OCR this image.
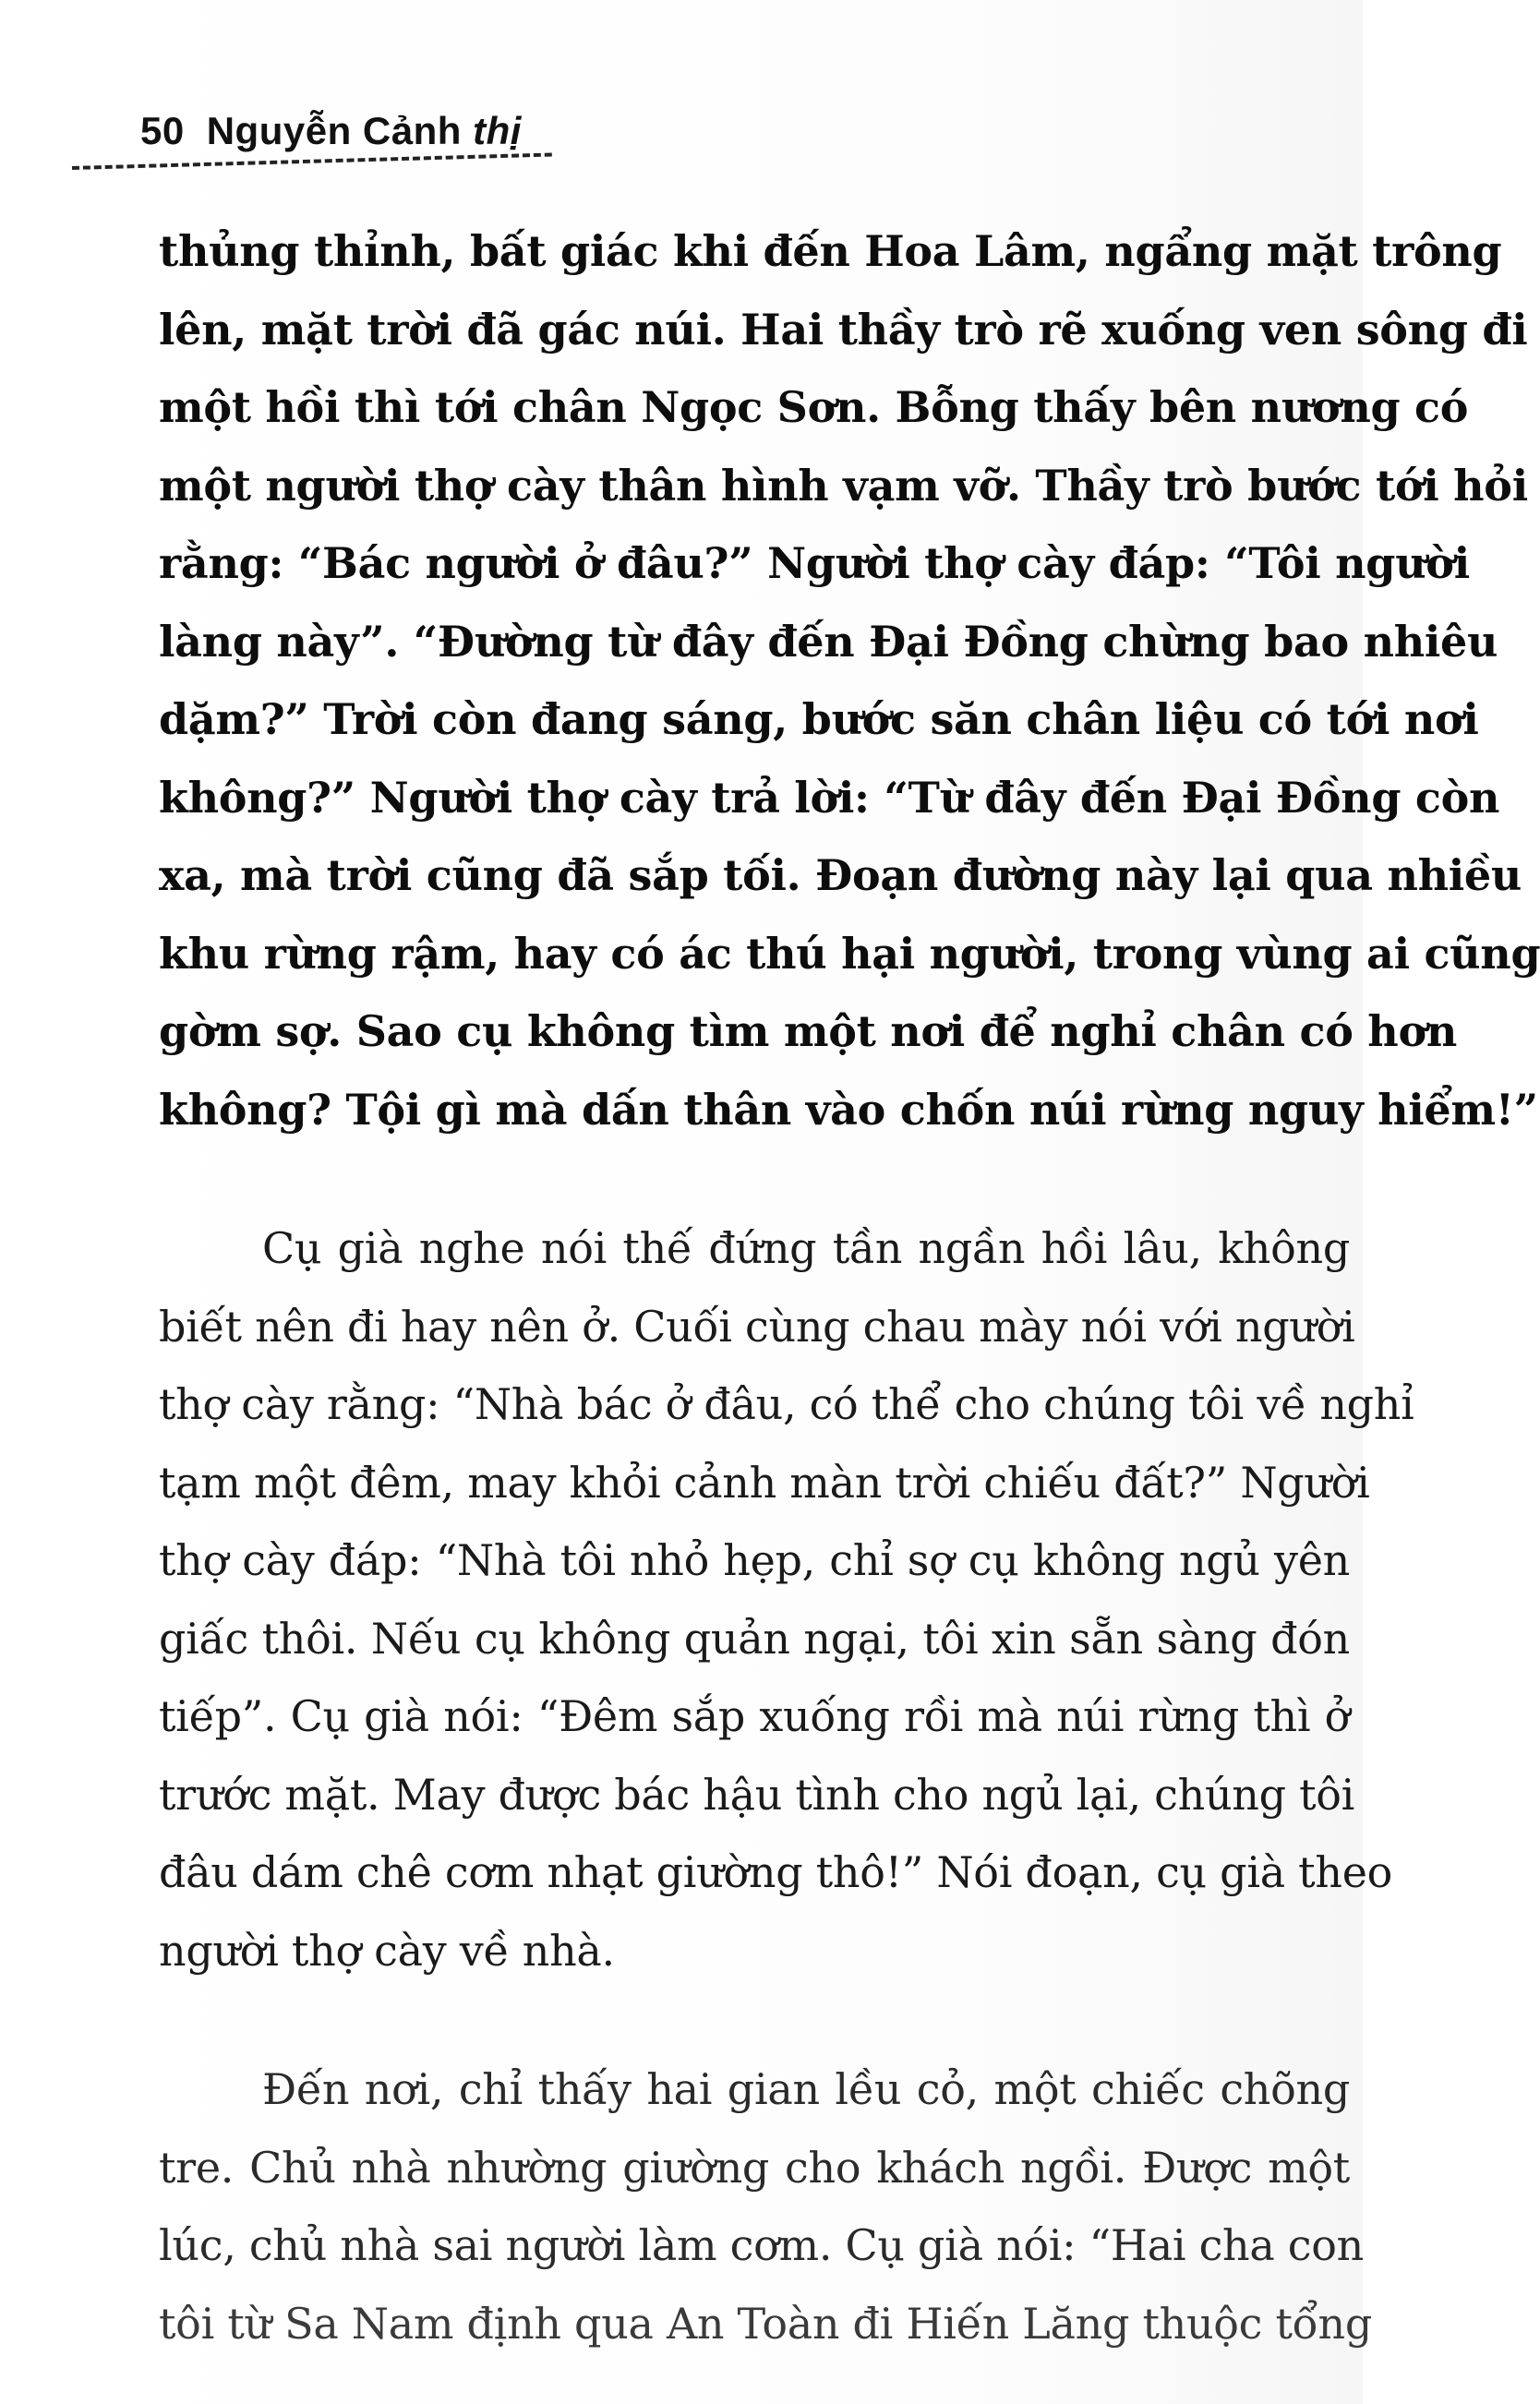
50 Nguyễn Cảnh thị
thủng thỉnh, bất giác khi đến Hoa Lâm, ngẩng mặt trông
lên, mặt trời đã gác núi. Hai thầy trò rẽ xuống ven sông đi
một hồi thì tới chân Ngọc Sơn. Bỗng thấy bên nương có
một người thợ cày thân hình vạm vỡ. Thầy trò bước tới hỏi
rằng: “Bác người ở đâu?” Người thợ cày đáp: “Tôi người
làng này”. “Đường từ đây đến Đại Đồng chừng bao nhiêu
dặm?” Trời còn đang sáng, bước săn chân liệu có tới nơi
không?” Người thợ cày trả lời: “Từ đây đến Đại Đồng còn
xa, mà trời cũng đã sắp tối. Đoạn đường này lại qua nhiều
khu rừng rậm, hay có ác thú hại người, trong vùng ai cũng
gờm sợ. Sao cụ không tìm một nơi để nghỉ chân có hơn
không? Tội gì mà dấn thân vào chốn núi rừng nguy hiểm!”
Cụ già nghe nói thế đứng tần ngần hồi lâu, không
biết nên đi hay nên ở. Cuối cùng chau mày nói với người
thợ cày rằng: “Nhà bác ở đâu, có thể cho chúng tôi về nghỉ
tạm một đêm, may khỏi cảnh màn trời chiếu đất?” Người
thợ cày đáp: “Nhà tôi nhỏ hẹp, chỉ sợ cụ không ngủ yên
giấc thôi. Nếu cụ không quản ngại, tôi xin sẵn sàng đón
tiếp”. Cụ già nói: “Đêm sắp xuống rồi mà núi rừng thì ở
trước mặt. May được bác hậu tình cho ngủ lại, chúng tôi
đâu dám chê cơm nhạt giường thô!” Nói đoạn, cụ già theo
người thợ cày về nhà.
Đến nơi, chỉ thấy hai gian lều cỏ, một chiếc chõng
tre. Chủ nhà nhường giường cho khách ngồi. Được một
lúc, chủ nhà sai người làm cơm. Cụ già nói: “Hai cha con
tôi từ Sa Nam định qua An Toàn đi Hiến Lăng thuộc tổng
